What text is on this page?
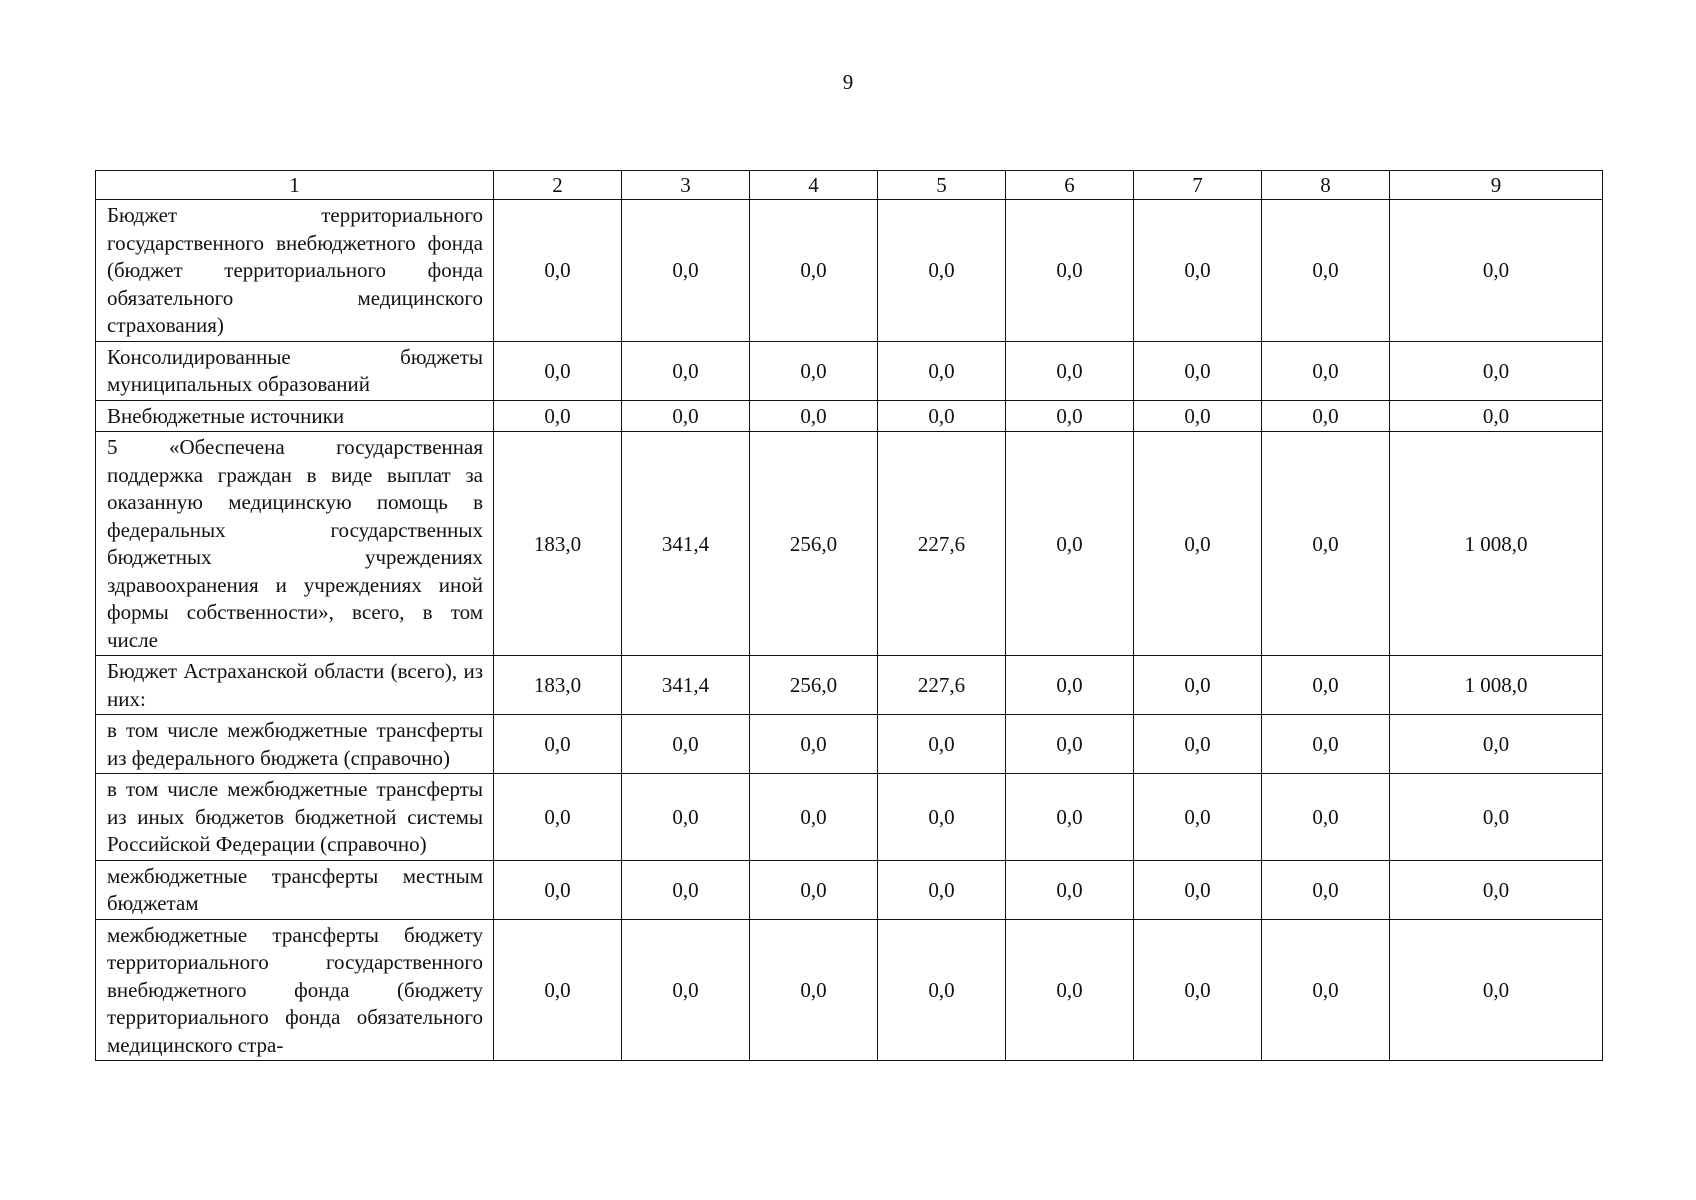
9
1	2	3	4	5	6	7	8	9
Бюджет территориального государственного внебюджетного фонда (бюджет территориального фонда обязательного медицинского страхования)	0,0	0,0	0,0	0,0	0,0	0,0	0,0	0,0
Консолидированные бюджеты муниципальных образований	0,0	0,0	0,0	0,0	0,0	0,0	0,0	0,0
Внебюджетные источники	0,0	0,0	0,0	0,0	0,0	0,0	0,0	0,0
5 «Обеспечена государственная поддержка граждан в виде выплат за оказанную медицинскую помощь в федеральных государственных бюджетных учреждениях здравоохранения и учреждениях иной формы собственности», всего, в том числе	183,0	341,4	256,0	227,6	0,0	0,0	0,0	1 008,0
Бюджет Астраханской области (всего), из них:	183,0	341,4	256,0	227,6	0,0	0,0	0,0	1 008,0
в том числе межбюджетные трансферты из федерального бюджета (справочно)	0,0	0,0	0,0	0,0	0,0	0,0	0,0	0,0
в том числе межбюджетные трансферты из иных бюджетов бюджетной системы Российской Федерации (справочно)	0,0	0,0	0,0	0,0	0,0	0,0	0,0	0,0
межбюджетные трансферты местным бюджетам	0,0	0,0	0,0	0,0	0,0	0,0	0,0	0,0
межбюджетные трансферты бюджету территориального государственного внебюджетного фонда (бюджету территориального фонда обязательного медицинского стра-	0,0	0,0	0,0	0,0	0,0	0,0	0,0	0,0
